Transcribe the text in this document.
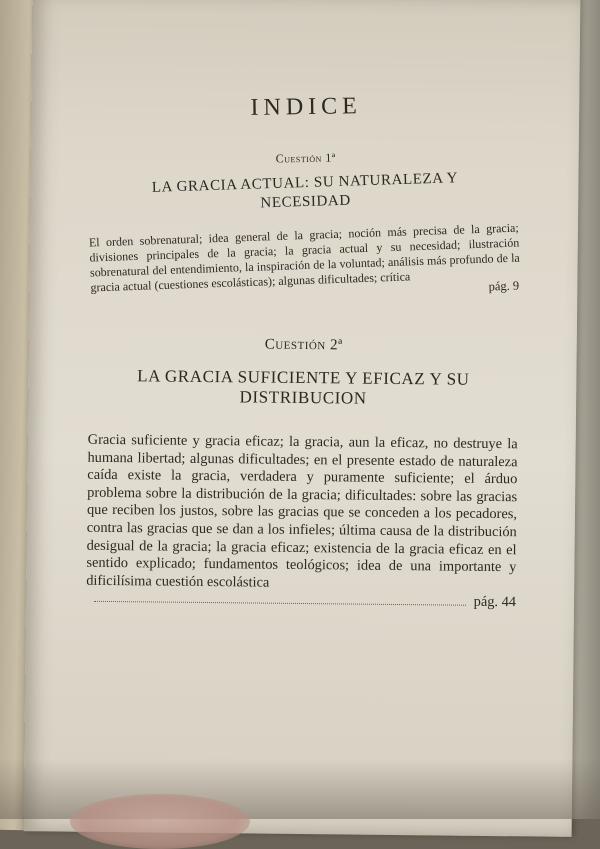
INDICE
Cuestión 1ª
LA GRACIA ACTUAL: SU NATURALEZA Y
NECESIDAD

El orden sobrenatural; idea general de la gracia; noción más precisa de la gracia; divisiones principales de la gracia; la gracia actual y su necesidad; ilustración sobrenatural del entendimiento, la inspiración de la voluntad; análisis más profundo de la gracia actual (cuestiones escolásticas); algunas dificultades; crítica	pág. 9
Cuestión 2ª
LA GRACIA SUFICIENTE Y EFICAZ Y SU
DISTRIBUCION

Gracia suficiente y gracia eficaz; la gracia, aun la eficaz, no destruye la humana libertad; algunas dificultades; en el presente estado de naturaleza caída existe la gracia, verdadera y puramente suficiente; el árduo problema sobre la distribución de la gracia; dificultades: sobre las gracias que reciben los justos, sobre las gracias que se conceden a los pecadores, contra las gracias que se dan a los infieles; última causa de la distribución desigual de la gracia; la gracia eficaz; existencia de la gracia eficaz en el sentido explicado; fundamentos teológicos; idea de una importante y dificilísima cuestión escolástica

pág. 44
